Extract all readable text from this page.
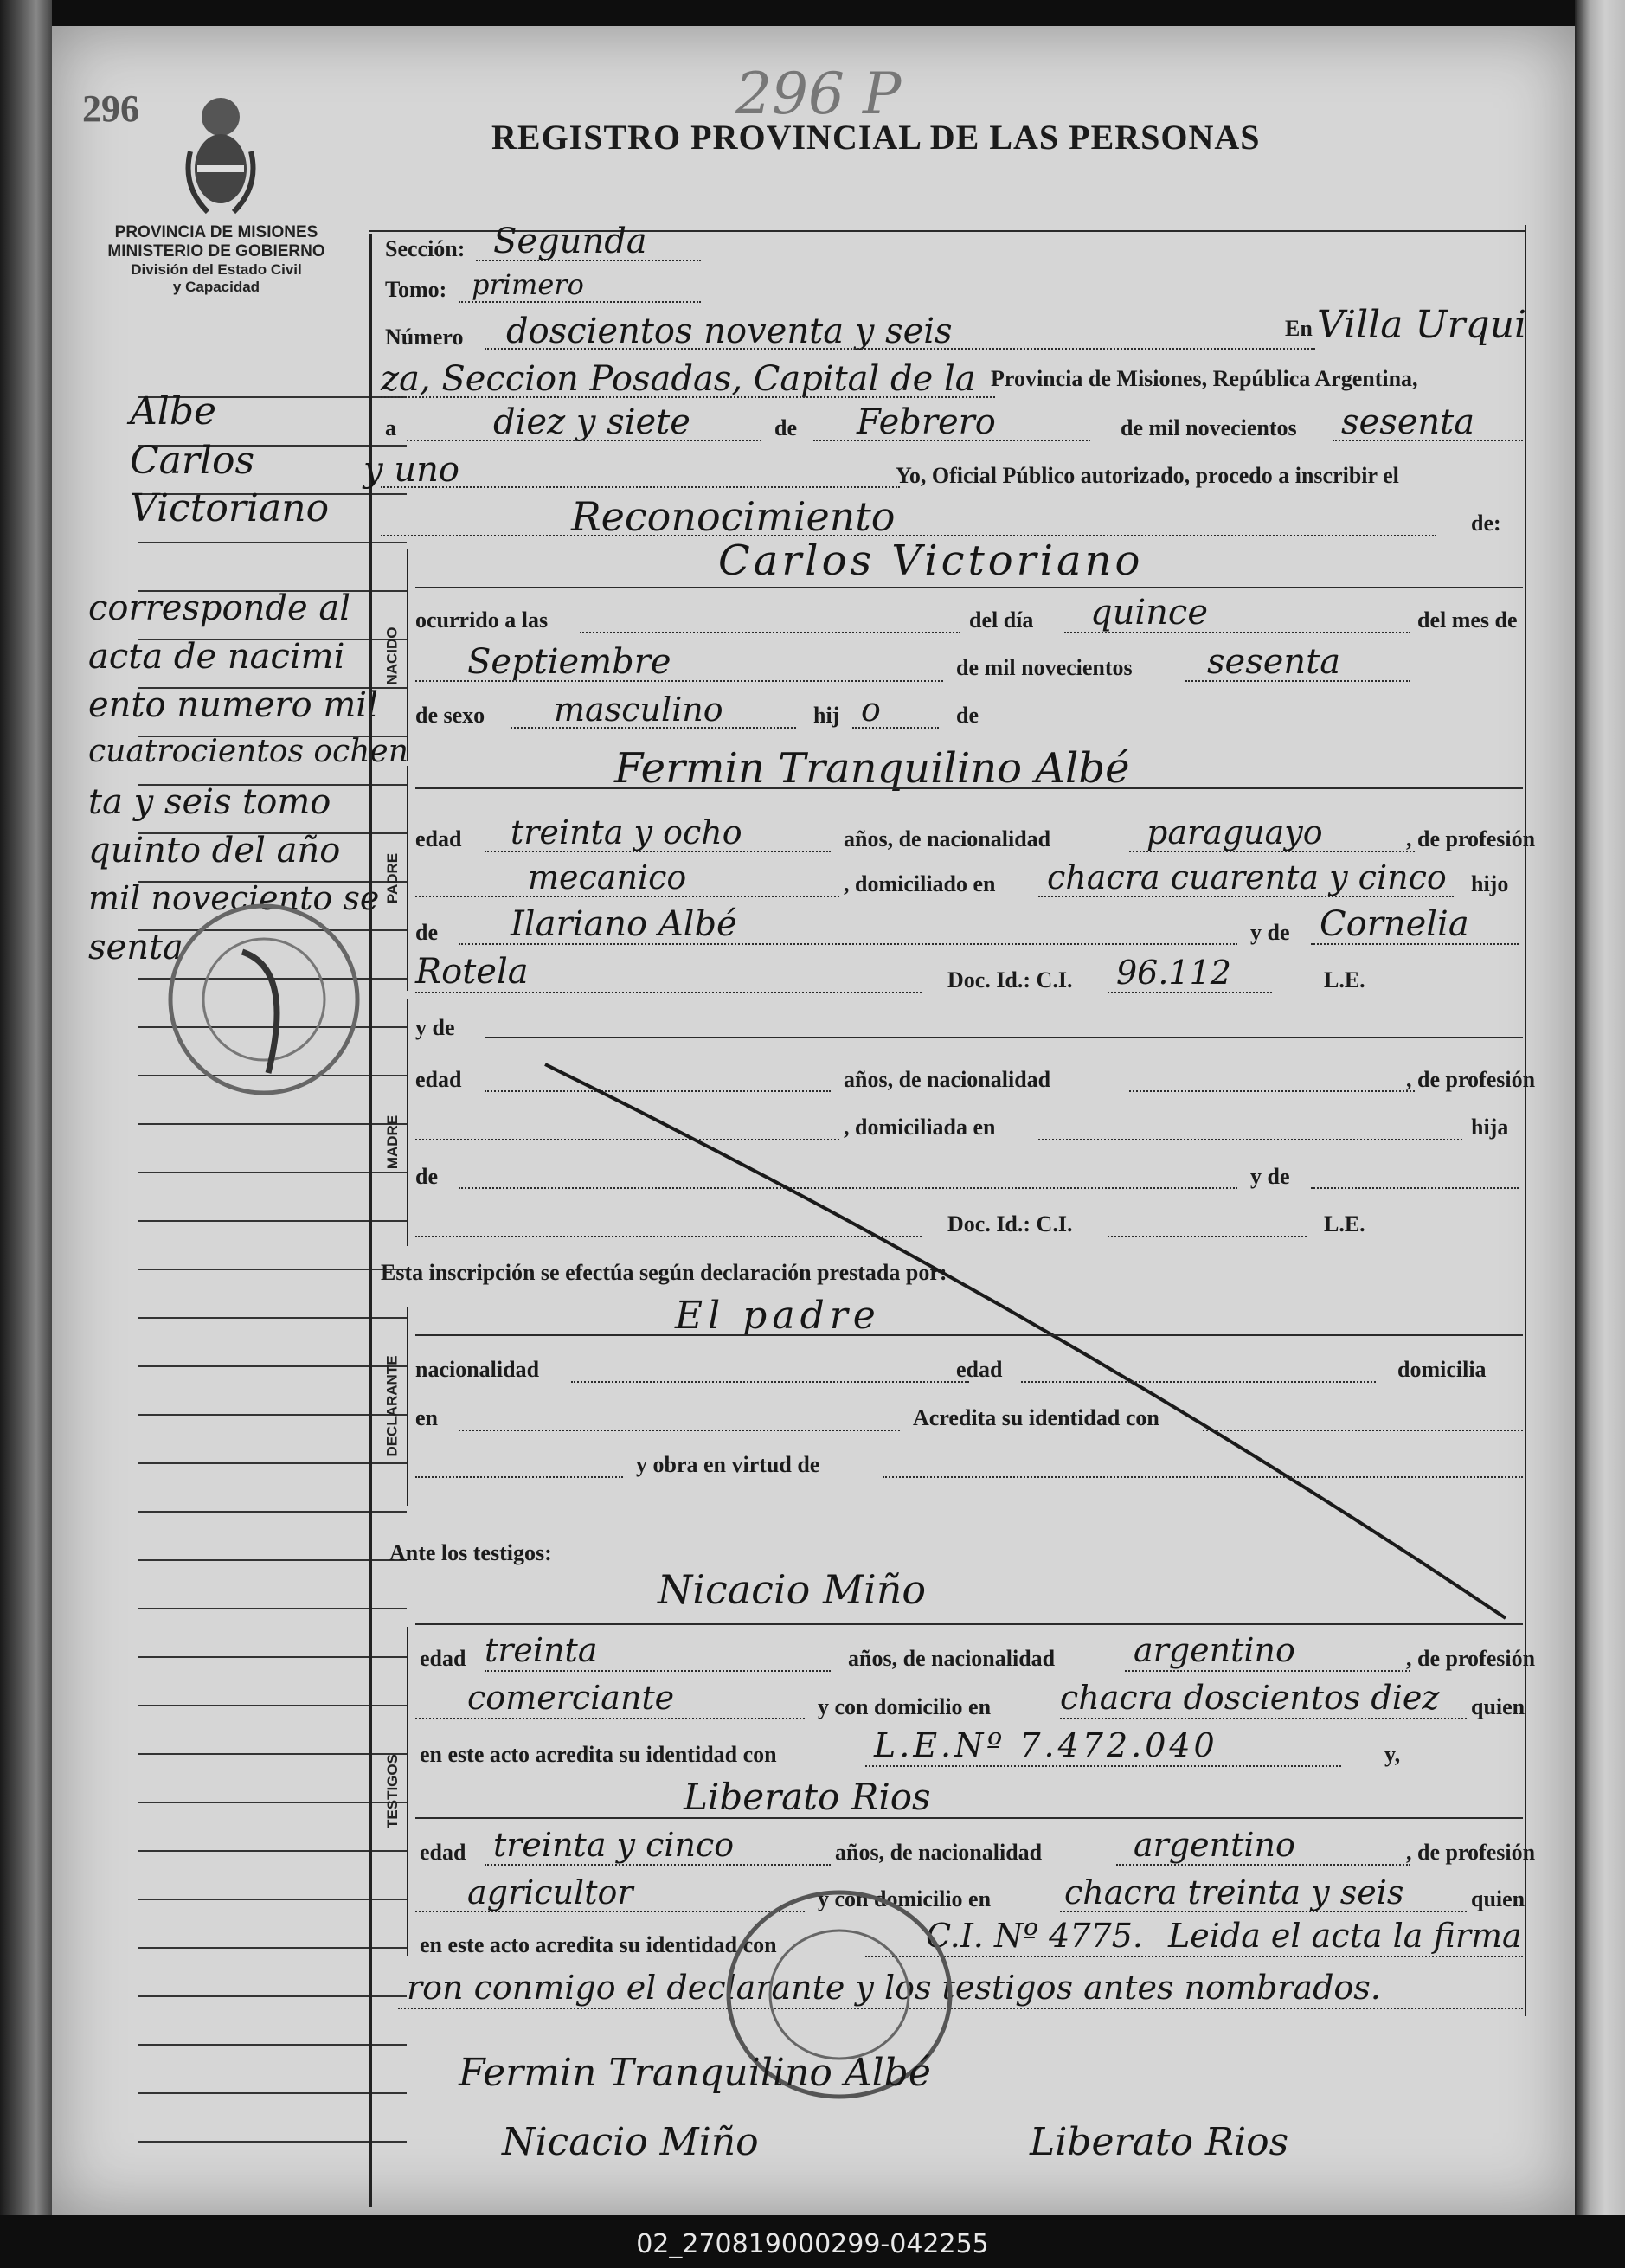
296	296 P
REGISTRO PROVINCIAL DE LAS PERSONAS
PROVINCIA DE MISIONES
MINISTERIO DE GOBIERNO
División del Estado Civil
y Capacidad
Albe
Carlos
Victoriano
corresponde al
acta de nacimi
ento numero mil
cuatrocientos ochen
ta y seis tomo
quinto del año
mil noveciento se
senta
Sección: Segunda
Tomo: primero
Número doscientos noventa y seis	En Villa Urqui
za, Seccion Posadas, Capital de la Provincia de Misiones, República Argentina,
a	diez y siete	de Febrero	de mil novecientos sesenta
y uno	Yo, Oficial Público autorizado, procedo a inscribir el
Reconocimiento	de:
NACIDO
Carlos Victoriano
ocurrido a las	del día quince	del mes de
Septiembre	de mil novecientos sesenta
de sexo masculino	hij o	de
PADRE
Fermin Tranquilino Albé
edad treinta y ocho	años, de nacionalidad	paraguayo	, de profesión
mecanico	, domiciliado en chacra cuarenta y cinco hijo
de Ilariano Albé	y de Cornelia
Rotela	Doc. Id.: C.I. 96.112	L.E.
MADRE
y de
edad	años, de nacionalidad	, de profesión
, domiciliada en	hija
de	y de
Doc. Id.: C.I.	L.E.
Esta inscripción se efectúa según declaración prestada por:
DECLARANTE
El padre
nacionalidad	edad	domicilia
en	Acredita su identidad con
y obra en virtud de
Ante los testigos:
TESTIGOS
Nicacio Miño
edad treinta	años, de nacionalidad argentino	, de profesión
comerciante	y con domicilio en chacra doscientos diez quien
en este acto acredita su identidad con	L.E.Nº 7.472.040	y,
Liberato Rios
edad treinta y cinco	años, de nacionalidad	argentino	, de profesión
agricultor	y con domicilio en chacra treinta y seis	quien
en este acto acredita su identidad con	C.I. Nº 4775. Leida el acta la firma
ron conmigo el declarante y los testigos antes nombrados.
Fermin Tranquilino Albé
Nicacio Miño	Liberato Rios
02_270819000299-042255
